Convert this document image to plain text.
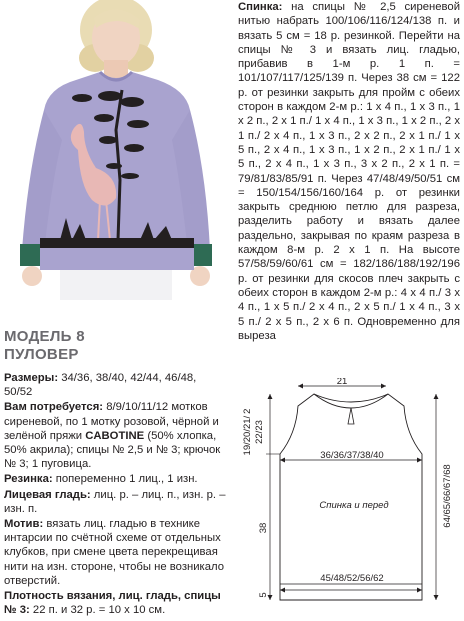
МОДЕЛЬ 8
ПУЛОВЕР

Размеры: 34/36, 38/40, 42/44, 46/48, 50/52

Вам потребуется: 8/9/10/11/12 мотков сиреневой, по 1 мотку розовой, чёрной и зелёной пряжи CABOTINE (50% хлопка, 50% акрила); спицы № 2,5 и № 3; крючок № 3; 1 пуговица.

Резинка: попеременно 1 лиц., 1 изн.

Лицевая гладь: лиц. р. – лиц. п., изн. р. – изн. п.

Мотив: вязать лиц. гладью в технике интарсии по счётной схеме от отдельных клубков, при смене цвета перекрещивая нити на изн. стороне, чтобы не возникало отверстий.

Плотность вязания, лиц. гладь, спицы № 3: 22 п. и 32 р. = 10 х 10 см.

Спинка: на спицы № 2,5 сиреневой нитью набрать 100/106/116/124/138 п. и вязать 5 см = 18 р. резинкой. Перейти на спицы № 3 и вязать лиц. гладью, прибавив в 1-м р. 1 п. = 101/107/117/125/139 п. Через 38 см = 122 р. от резинки закрыть для пройм с обеих сторон в каждом 2-м р.: 1 х 4 п., 1 х 3 п., 1 х 2 п., 2 х 1 п./ 1 х 4 п., 1 х 3 п., 1 х 2 п., 2 х 1 п./ 2 х 4 п., 1 х 3 п., 2 х 2 п., 2 х 1 п./ 1 х 5 п., 2 х 4 п., 1 х 3 п., 1 х 2 п., 2 х 1 п./ 1 х 5 п., 2 х 4 п., 1 х 3 п., 3 х 2 п., 2 х 1 п. = 79/81/83/85/91 п. Через 47/48/49/50/51 см = 150/154/156/160/164 р. от резинки закрыть среднюю петлю для разреза, разделить работу и вязать далее раздельно, закрывая по краям разреза в каждом 8-м р. 2 х 1 п. На высоте 57/58/59/60/61 см = 182/186/188/192/196 р. от резинки для скосов плеч закрыть с обеих сторон в каждом 2-м р.: 4 х 4 п./ 3 х 4 п., 1 х 5 п./ 2 х 4 п., 2 х 5 п./ 1 х 4 п., 3 х 5 п./ 2 х 5 п., 2 х 6 п. Одновременно для выреза

21
36/36/37/38/40
45/48/52/56/62
Спинка и перед
19/20/21/2
22/23
38
5
64/65/66/67/68
